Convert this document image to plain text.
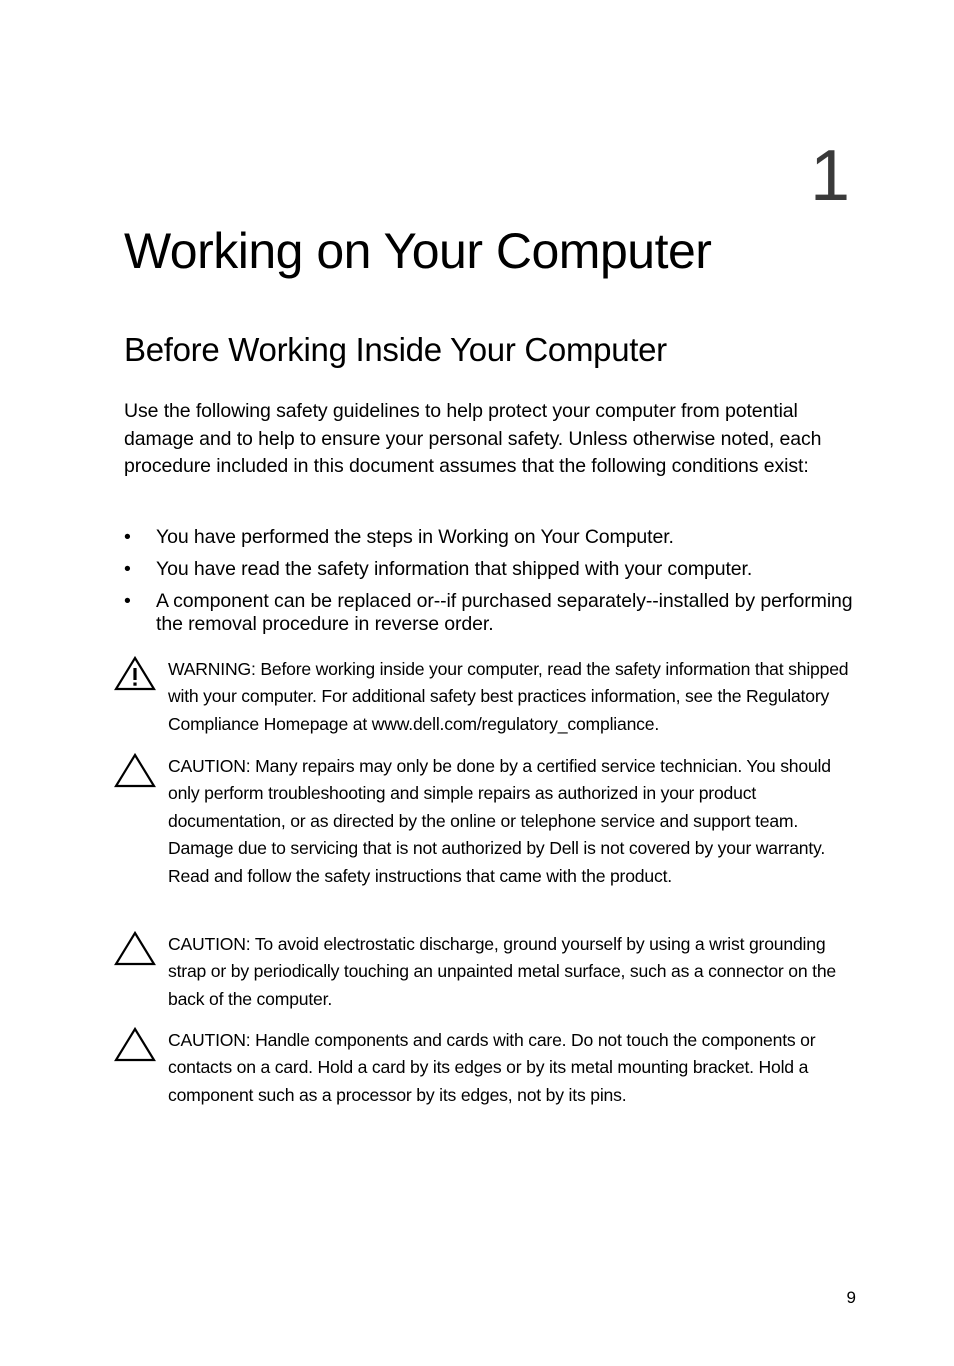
1
Working on Your Computer
Before Working Inside Your Computer

Use the following safety guidelines to help protect your computer from potential damage and to help to ensure your personal safety. Unless otherwise noted, each procedure included in this document assumes that the following conditions exist:

•	You have performed the steps in Working on Your Computer.
•	You have read the safety information that shipped with your computer.
•	A component can be replaced or--if purchased separately--installed by performing the removal procedure in reverse order.
WARNING: Before working inside your computer, read the safety information that shipped with your computer. For additional safety best practices information, see the Regulatory Compliance Homepage at www.dell.com/regulatory_compliance.
CAUTION: Many repairs may only be done by a certified service technician. You should only perform troubleshooting and simple repairs as authorized in your product documentation, or as directed by the online or telephone service and support team. Damage due to servicing that is not authorized by Dell is not covered by your warranty. Read and follow the safety instructions that came with the product.
CAUTION: To avoid electrostatic discharge, ground yourself by using a wrist grounding strap or by periodically touching an unpainted metal surface, such as a connector on the back of the computer.
CAUTION: Handle components and cards with care. Do not touch the components or contacts on a card. Hold a card by its edges or by its metal mounting bracket. Hold a component such as a processor by its edges, not by its pins.
9
